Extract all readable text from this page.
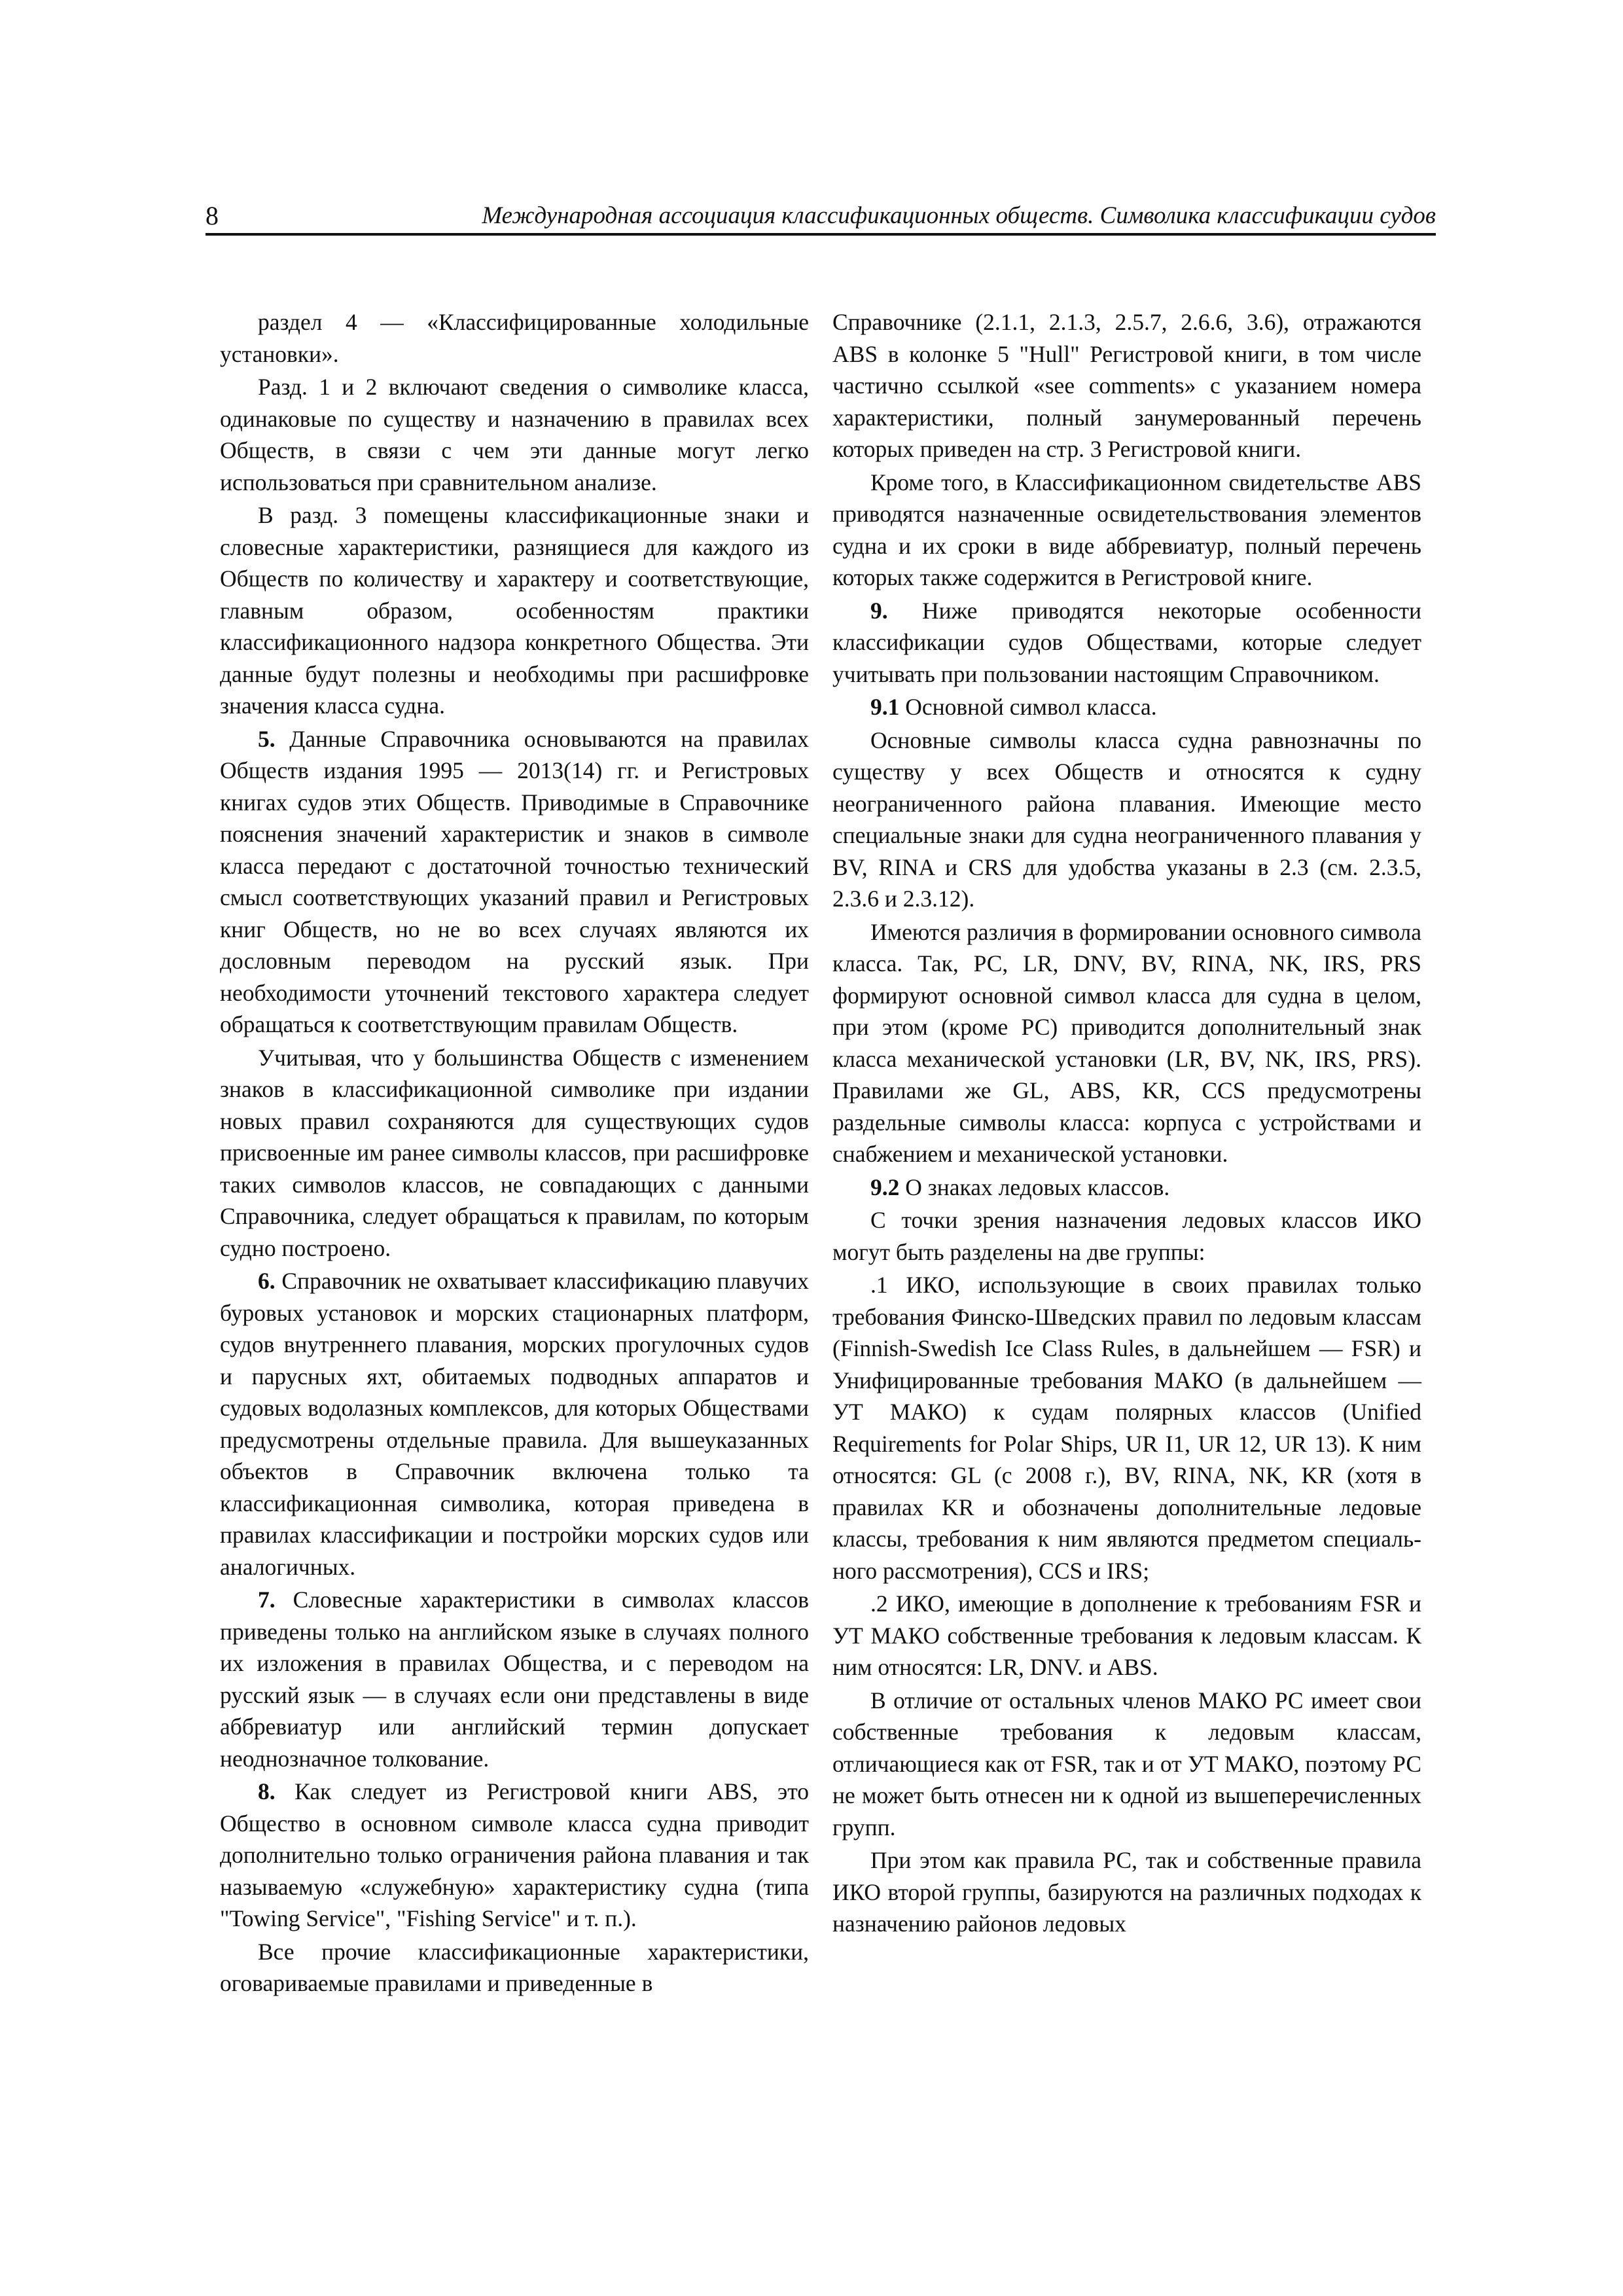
8	Международная ассоциация классификационных обществ. Символика классификации судов

раздел 4 — «Классифицированные холодильные установки».

Разд. 1 и 2 включают сведения о символике класса, одинаковые по существу и назначению в правилах всех Обществ, в связи с чем эти данные могут легко использоваться при сравнительном анализе.

В разд. 3 помещены классификационные знаки и словесные характеристики, разнящиеся для каждого из Обществ по количеству и характеру и соответствующие, главным образом, особенностям практики классификационного надзора конкретного Общества. Эти данные будут полезны и необходимы при расшифровке значения класса судна.

5. Данные Справочника основываются на правилах Обществ издания 1995 — 2013(14) гг. и Регистровых книгах судов этих Обществ. Приводимые в Справочнике пояснения значений характеристик и знаков в символе класса передают с достаточной точностью технический смысл соответствующих указаний правил и Регистровых книг Обществ, но не во всех случаях являются их дословным переводом на русский язык. При необходимости уточнений текстового характера следует обращаться к соответствующим правилам Обществ.

Учитывая, что у большинства Обществ с изменением знаков в классификационной символике при издании новых правил сохраняются для существующих судов присвоенные им ранее символы классов, при расшифровке таких символов классов, не совпадающих с данными Справочника, следует обращаться к правилам, по которым судно построено.

6. Справочник не охватывает классификацию плавучих буровых установок и морских стационарных платформ, судов внутреннего плавания, морских прогулочных судов и парусных яхт, обитаемых подводных аппаратов и судовых водолазных комплексов, для которых Обществами предусмотрены отдельные правила. Для вышеуказанных объектов в Справочник включена только та классификационная символика, которая приведена в правилах классификации и постройки морских судов или аналогичных.

7. Словесные характеристики в символах классов приведены только на английском языке в случаях полного их изложения в правилах Общества, и с переводом на русский язык — в случаях если они представлены в виде аббревиатур или английский термин допускает неоднозначное толкование.

8. Как следует из Регистровой книги ABS, это Общество в основном символе класса судна приводит дополнительно только ограничения района плавания и так называемую «служебную» характеристику судна (типа "Towing Service", "Fishing Service" и т. п.).

Все прочие классификационные характеристики, оговариваемые правилами и приведенные в

Справочнике (2.1.1, 2.1.3, 2.5.7, 2.6.6, 3.6), отражаются ABS в колонке 5 "Hull" Регистровой книги, в том числе частично ссылкой «see comments» с указанием номера характеристики, полный занумерованный перечень которых приведен на стр. 3 Регистровой книги.

Кроме того, в Классификационном свидетельстве ABS приводятся назначенные освидетельствования элементов судна и их сроки в виде аббревиатур, полный перечень которых также содержится в Регистровой книге.

9. Ниже приводятся некоторые особенности классификации судов Обществами, которые следует учитывать при пользовании настоящим Справочником.

9.1 Основной символ класса.

Основные символы класса судна равнозначны по существу у всех Обществ и относятся к судну неограниченного района плавания. Имеющие место специальные знаки для судна неограниченного плавания у BV, RINA и CRS для удобства указаны в 2.3 (см. 2.3.5, 2.3.6 и 2.3.12).

Имеются различия в формировании основного символа класса. Так, РС, LR, DNV, BV, RINA, NK, IRS, PRS формируют основной символ класса для судна в целом, при этом (кроме РС) приводится дополнительный знак класса механической установки (LR, BV, NK, IRS, PRS). Правилами же GL, ABS, KR, CCS предусмотрены раздельные символы класса: корпуса с устройствами и снабжением и механической установки.

9.2 О знаках ледовых классов.

С точки зрения назначения ледовых классов ИКО могут быть разделены на две группы:

.1 ИКО, использующие в своих правилах только требования Финско-Шведских правил по ледовым классам (Finnish-Swedish Ice Class Rules, в дальнейшем — FSR) и Унифицированные требования МАКО (в дальнейшем — УТ МАКО) к судам полярных классов (Unified Requirements for Polar Ships, UR I1, UR 12, UR 13). К ним относятся: GL (с 2008 г.), BV, RINA, NK, KR (хотя в правилах KR и обозначены дополнительные ледовые классы, требования к ним являются предметом специального рассмотрения), CCS и IRS;

.2 ИКО, имеющие в дополнение к требованиям FSR и УТ МАКО собственные требования к ледовым классам. К ним относятся: LR, DNV. и ABS.

В отличие от остальных членов МАКО РС имеет свои собственные требования к ледовым классам, отличающиеся как от FSR, так и от УТ МАКО, поэтому РС не может быть отнесен ни к одной из вышеперечисленных групп.

При этом как правила РС, так и собственные правила ИКО второй группы, базируются на различных подходах к назначению районов ледовых
